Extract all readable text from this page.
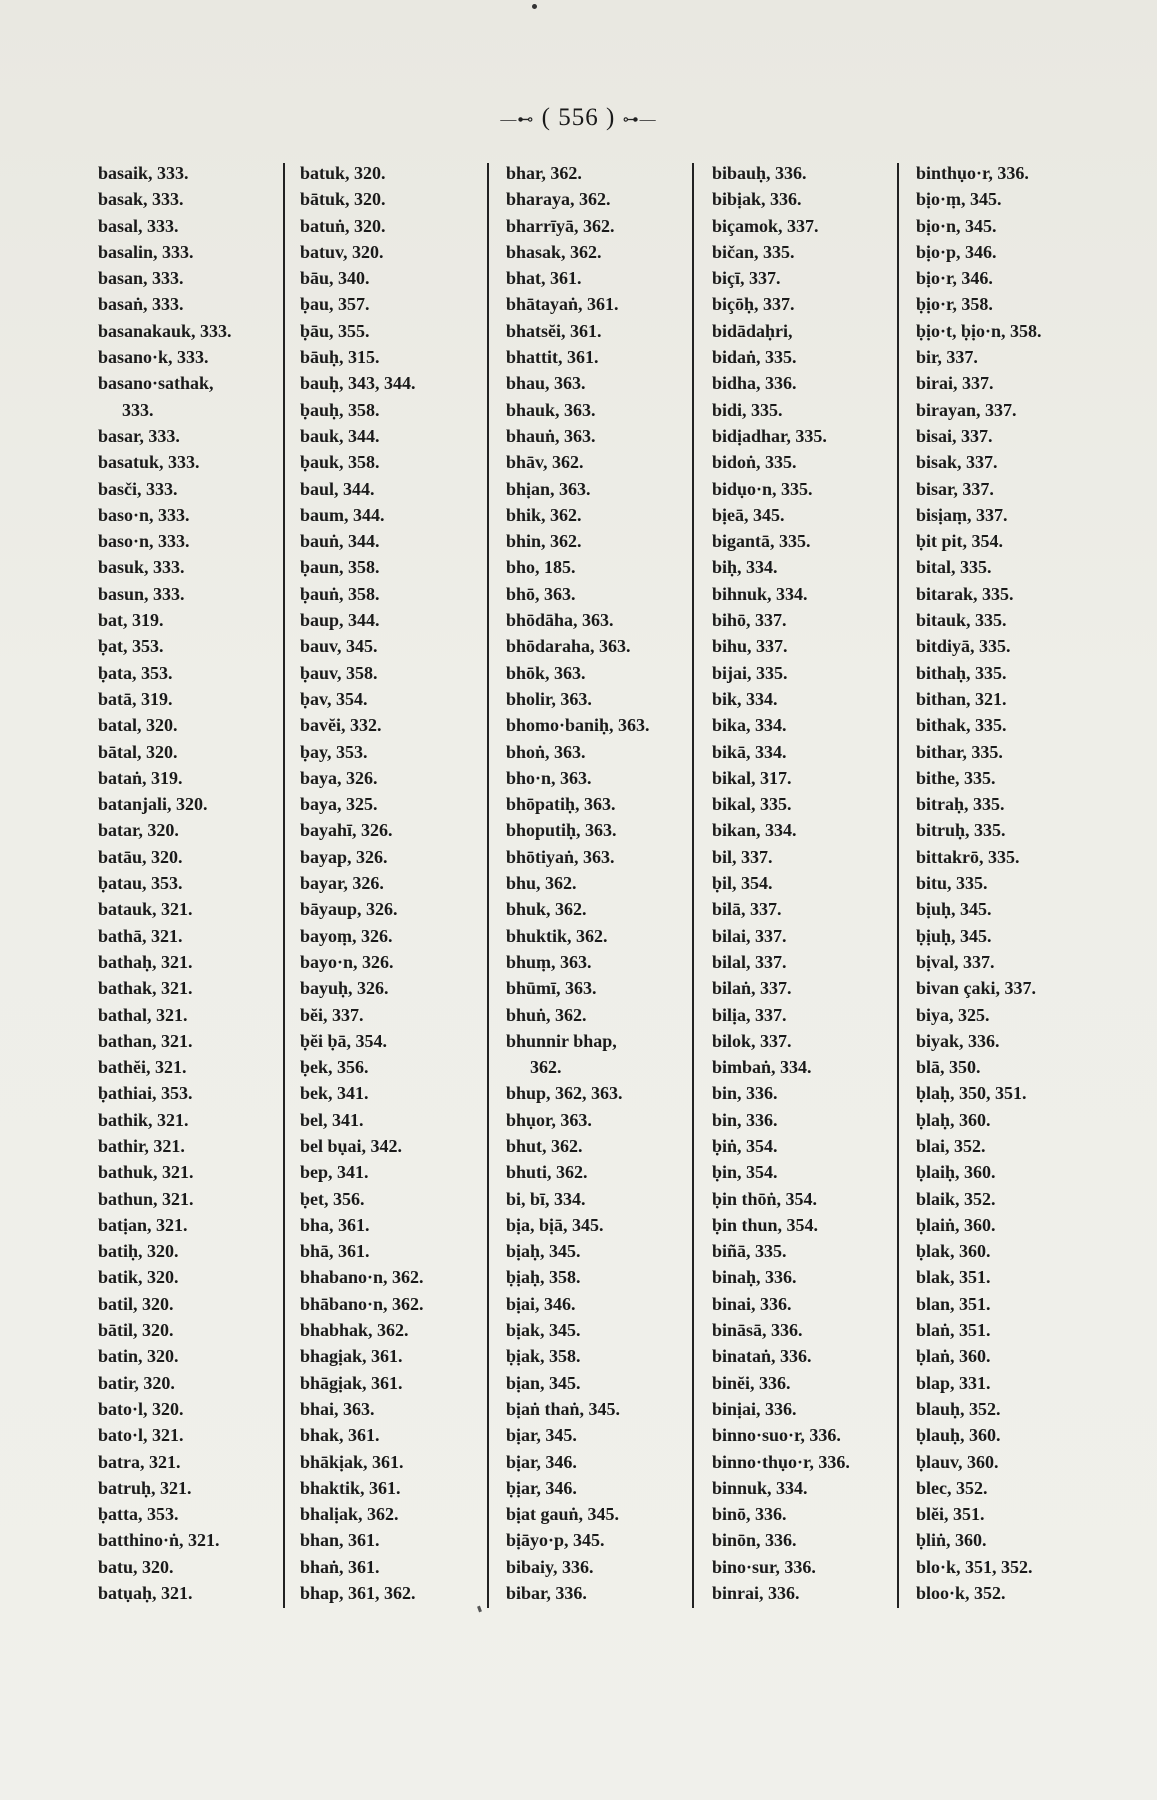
—⊷ ( 556 ) ⊶—
basaik, 333.
basak, 333.
basal, 333.
basalin, 333.
basan, 333.
basaṅ, 333.
basanakauk, 333.
basano·k, 333.
basano·sathak,
333.
basar, 333.
basatuk, 333.
basči, 333.
baso·n, 333.
baso·n, 333.
basuk, 333.
basun, 333.
bat, 319.
ḅat, 353.
ḅata, 353.
batā, 319.
batal, 320.
bātal, 320.
bataṅ, 319.
batanjali, 320.
batar, 320.
batāu, 320.
ḅatau, 353.
batauk, 321.
bathā, 321.
bathaḥ, 321.
bathak, 321.
bathal, 321.
bathan, 321.
bathĕi, 321.
ḅathiai, 353.
bathik, 321.
bathir, 321.
bathuk, 321.
bathun, 321.
batịan, 321.
batiḥ, 320.
batik, 320.
batil, 320.
bātil, 320.
batin, 320.
batir, 320.
bato·l, 320.
bato·l, 321.
batra, 321.
batruḥ, 321.
ḅatta, 353.
batthino·ṅ, 321.
batu, 320.
batụaḥ, 321.
batuk, 320.
bātuk, 320.
batuṅ, 320.
batuv, 320.
bāu, 340.
ḅau, 357.
ḅāu, 355.
bāuḥ, 315.
bauḥ, 343, 344.
ḅauḥ, 358.
bauk, 344.
ḅauk, 358.
baul, 344.
baum, 344.
bauṅ, 344.
ḅaun, 358.
ḅauṅ, 358.
baup, 344.
bauv, 345.
ḅauv, 358.
ḅav, 354.
bavĕi, 332.
ḅay, 353.
baya, 326.
baya, 325.
bayahī, 326.
bayap, 326.
bayar, 326.
bāyaup, 326.
bayoṃ, 326.
bayo·n, 326.
bayuḥ, 326.
bĕi, 337.
ḅĕi ḅā, 354.
ḅek, 356.
bek, 341.
bel, 341.
bel bụai, 342.
bep, 341.
ḅet, 356.
bha, 361.
bhā, 361.
bhabano·n, 362.
bhābano·n, 362.
bhabhak, 362.
bhagịak, 361.
bhāgịak, 361.
bhai, 363.
bhak, 361.
bhākịak, 361.
bhaktik, 361.
bhalịak, 362.
bhan, 361.
bhaṅ, 361.
bhap, 361, 362.
bhar, 362.
bharaya, 362.
bharrīyā, 362.
bhasak, 362.
bhat, 361.
bhātayaṅ, 361.
bhatsĕi, 361.
bhattit, 361.
bhau, 363.
bhauk, 363.
bhauṅ, 363.
bhāv, 362.
bhịan, 363.
bhik, 362.
bhin, 362.
bho, 185.
bhō, 363.
bhōdāha, 363.
bhōdaraha, 363.
bhōk, 363.
bholir, 363.
bhomo·baniḥ, 363.
bhoṅ, 363.
bho·n, 363.
bhōpatiḥ, 363.
bhoputiḥ, 363.
bhōtiyaṅ, 363.
bhu, 362.
bhuk, 362.
bhuktik, 362.
bhuṃ, 363.
bhūmī, 363.
bhuṅ, 362.
bhunnir bhap,
362.
bhup, 362, 363.
bhụor, 363.
bhut, 362.
bhuti, 362.
bi, bī, 334.
bịa, bịā, 345.
bịaḥ, 345.
ḅịaḥ, 358.
bịai, 346.
bịak, 345.
ḅịak, 358.
bịan, 345.
bịaṅ thaṅ, 345.
bịar, 345.
bịar, 346.
ḅịar, 346.
bịat gauṅ, 345.
bịāyo·p, 345.
bibaiy, 336.
bibar, 336.
bibauḥ, 336.
bibịak, 336.
biçamok, 337.
bičan, 335.
biçī, 337.
biçōḥ, 337.
bidādaḥri,
bidaṅ, 335.
bidha, 336.
bidi, 335.
bidịadhar, 335.
bidoṅ, 335.
bidụo·n, 335.
bịeā, 345.
bigantā, 335.
biḥ, 334.
bihnuk, 334.
bihō, 337.
bihu, 337.
bijai, 335.
bik, 334.
bika, 334.
bikā, 334.
bikal, 317.
bikal, 335.
bikan, 334.
bil, 337.
ḅil, 354.
bilā, 337.
bilai, 337.
bilal, 337.
bilaṅ, 337.
bilịa, 337.
bilok, 337.
bimbaṅ, 334.
bin, 336.
bin, 336.
ḅiṅ, 354.
ḅin, 354.
ḅin thōṅ, 354.
ḅin thun, 354.
biñā, 335.
binaḥ, 336.
binai, 336.
bināsā, 336.
binataṅ, 336.
binĕi, 336.
binịai, 336.
binno·suo·r, 336.
binno·thụo·r, 336.
binnuk, 334.
binō, 336.
binōn, 336.
bino·sur, 336.
binrai, 336.
binthụo·r, 336.
bịo·ṃ, 345.
bịo·n, 345.
bịo·p, 346.
bịo·r, 346.
ḅịo·r, 358.
ḅịo·t, ḅịo·n, 358.
bir, 337.
birai, 337.
birayan, 337.
bisai, 337.
bisak, 337.
bisar, 337.
bisịaṃ, 337.
ḅit pit, 354.
bital, 335.
bitarak, 335.
bitauk, 335.
bitdiyā, 335.
bithaḥ, 335.
bithan, 321.
bithak, 335.
bithar, 335.
bithe, 335.
bitraḥ, 335.
bitruḥ, 335.
bittakrō, 335.
bitu, 335.
bịuḥ, 345.
ḅịuḥ, 345.
bịval, 337.
bivan çaki, 337.
biya, 325.
biyak, 336.
blā, 350.
ḅlaḥ, 350, 351.
ḅlaḥ, 360.
blai, 352.
ḅlaiḥ, 360.
blaik, 352.
ḅlaiṅ, 360.
ḅlak, 360.
blak, 351.
blan, 351.
blaṅ, 351.
ḅlaṅ, 360.
blap, 331.
blauḥ, 352.
ḅlauḥ, 360.
ḅlauv, 360.
blec, 352.
blĕi, 351.
ḅliṅ, 360.
blo·k, 351, 352.
bloo·k, 352.
